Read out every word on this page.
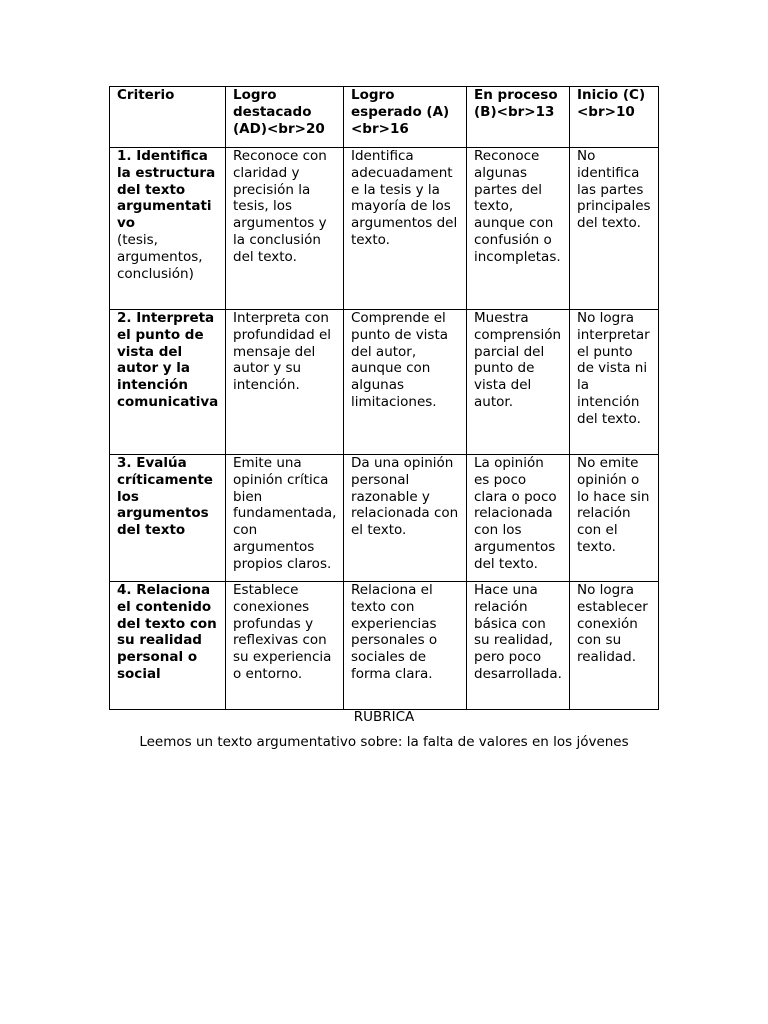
Criterio	Logro destacado (AD)<br>20	Logro esperado (A)<br>16	En proceso (B)<br>13	Inicio (C)<br>10
1. Identifica la estructura del texto argumentativo
(tesis, argumentos, conclusión)	Reconoce con claridad y precisión la tesis, los argumentos y la conclusión del texto.	Identifica adecuadamente la tesis y la mayoría de los argumentos del texto.	Reconoce algunas partes del texto, aunque con confusión o incompletas.	No identifica las partes principales del texto.
2. Interpreta el punto de vista del autor y la intención comunicativa	Interpreta con profundidad el mensaje del autor y su intención.	Comprende el punto de vista del autor, aunque con algunas limitaciones.	Muestra comprensión parcial del punto de vista del autor.	No logra interpretar el punto de vista ni la intención del texto.
3. Evalúa críticamente los argumentos del texto	Emite una opinión crítica bien fundamentada, con argumentos propios claros.	Da una opinión personal razonable y relacionada con el texto.	La opinión es poco clara o poco relacionada con los argumentos del texto.	No emite opinión o lo hace sin relación con el texto.
4. Relaciona el contenido del texto con su realidad personal o social	Establece conexiones profundas y reflexivas con su experiencia o entorno.	Relaciona el texto con experiencias personales o sociales de forma clara.	Hace una relación básica con su realidad, pero poco desarrollada.	No logra establecer conexión con su realidad.
RUBRICA
Leemos un texto argumentativo sobre: la falta de valores en los jóvenes
